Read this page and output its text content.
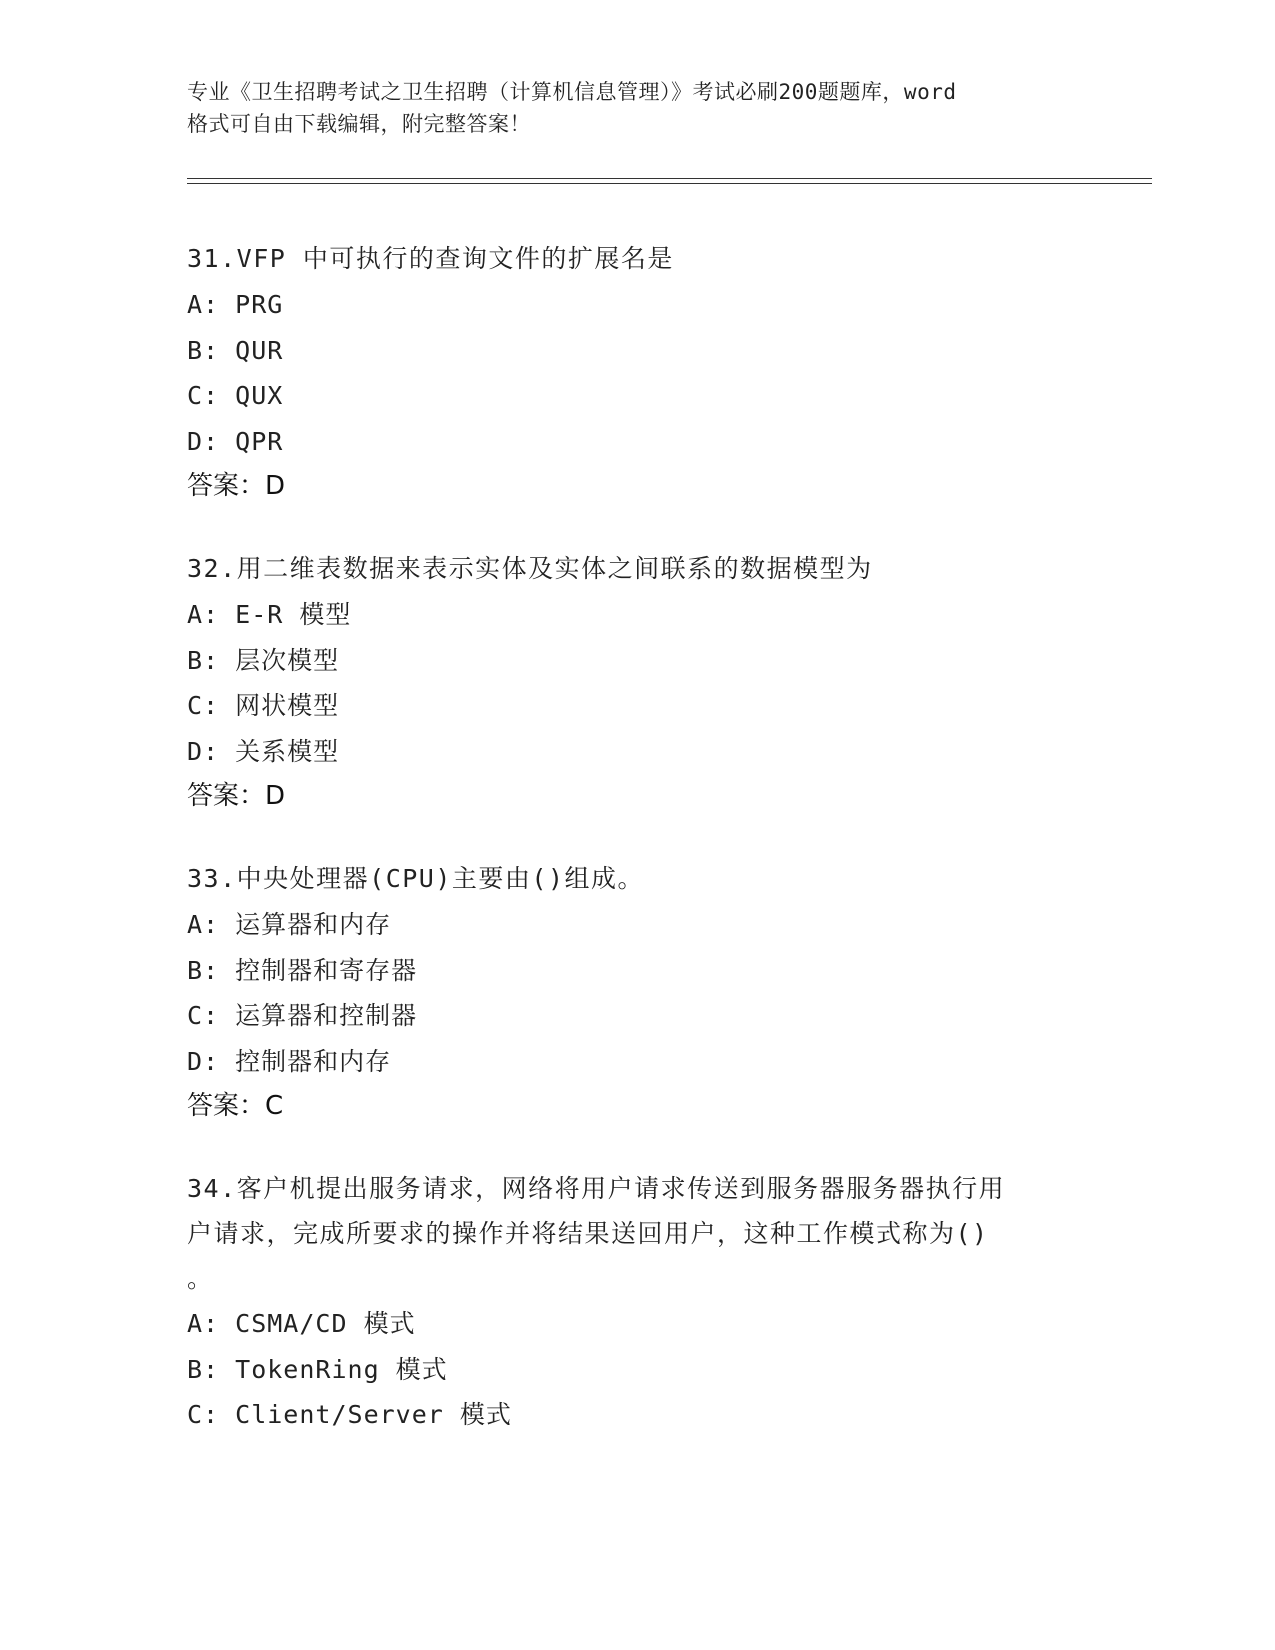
专业《卫生招聘考试之卫生招聘（计算机信息管理）》考试必刷200题题库，word
格式可自由下载编辑，附完整答案！

31.VFP 中可执行的查询文件的扩展名是

A: PRG

B: QUR

C: QUX

D: QPR

答案：D

32.用二维表数据来表示实体及实体之间联系的数据模型为

A: E-R 模型

B: 层次模型

C: 网状模型

D: 关系模型

答案：D

33.中央处理器(CPU)主要由()组成。

A: 运算器和内存

B: 控制器和寄存器

C: 运算器和控制器

D: 控制器和内存

答案：C

34.客户机提出服务请求，网络将用户请求传送到服务器服务器执行用

户请求，完成所要求的操作并将结果送回用户，这种工作模式称为()

。

A: CSMA/CD 模式

B: TokenRing 模式

C: Client/Server 模式
